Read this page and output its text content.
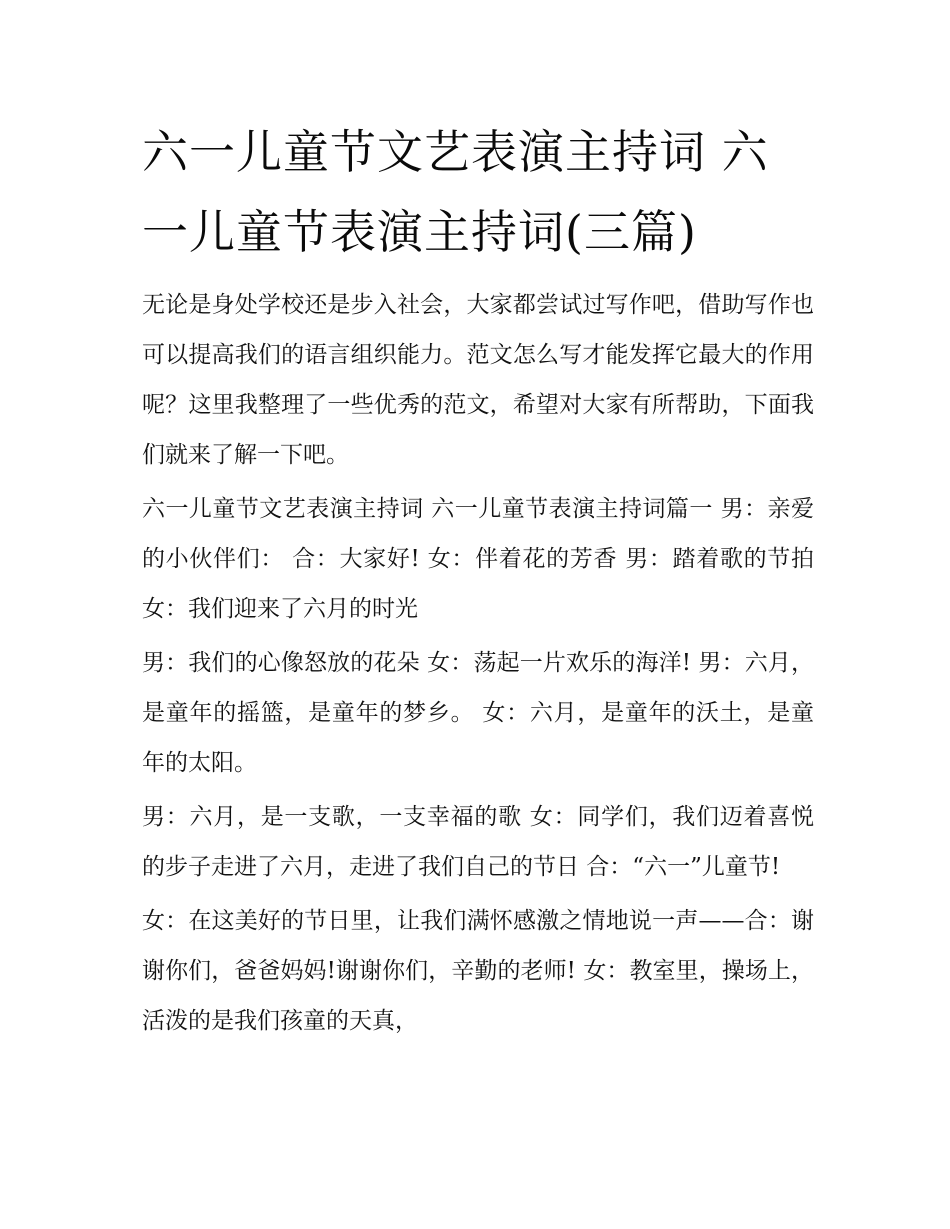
六一儿童节文艺表演主持词 六一儿童节表演主持词(三篇)

无论是身处学校还是步入社会，大家都尝试过写作吧，借助写作也可以提高我们的语言组织能力。范文怎么写才能发挥它最大的作用呢？这里我整理了一些优秀的范文，希望对大家有所帮助，下面我们就来了解一下吧。

六一儿童节文艺表演主持词 六一儿童节表演主持词篇一 男：亲爱的小伙伴们： 合：大家好! 女：伴着花的芳香 男：踏着歌的节拍 女：我们迎来了六月的时光

男：我们的心像怒放的花朵 女：荡起一片欢乐的海洋! 男：六月，是童年的摇篮，是童年的梦乡。 女：六月，是童年的沃土，是童年的太阳。

男：六月，是一支歌，一支幸福的歌 女：同学们，我们迈着喜悦的步子走进了六月，走进了我们自己的节日 合：“六一”儿童节!

女：在这美好的节日里，让我们满怀感激之情地说一声——合：谢谢你们，爸爸妈妈!谢谢你们，辛勤的老师! 女：教室里，操场上，活泼的是我们孩童的天真，
